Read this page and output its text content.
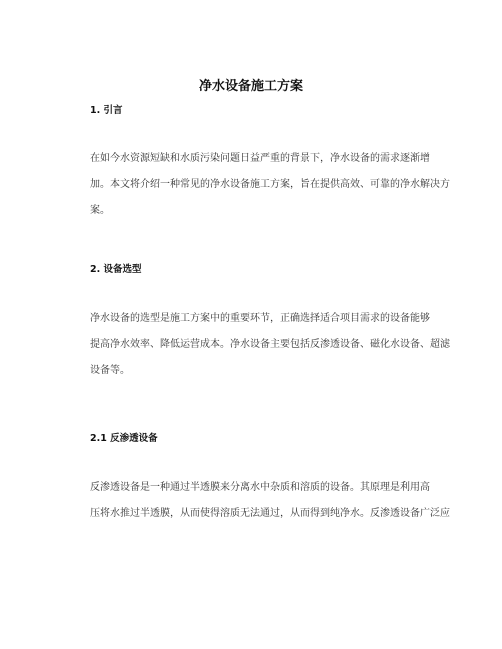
净水设备施工方案
1. 引言
在如今水资源短缺和水质污染问题日益严重的背景下，净水设备的需求逐渐增
加。本文将介绍一种常见的净水设备施工方案，旨在提供高效、可靠的净水解决方
案。
2. 设备选型
净水设备的选型是施工方案中的重要环节，正确选择适合项目需求的设备能够
提高净水效率、降低运营成本。净水设备主要包括反渗透设备、磁化水设备、超滤
设备等。
2.1 反渗透设备
反渗透设备是一种通过半透膜来分离水中杂质和溶质的设备。其原理是利用高
压将水推过半透膜，从而使得溶质无法通过，从而得到纯净水。反渗透设备广泛应
